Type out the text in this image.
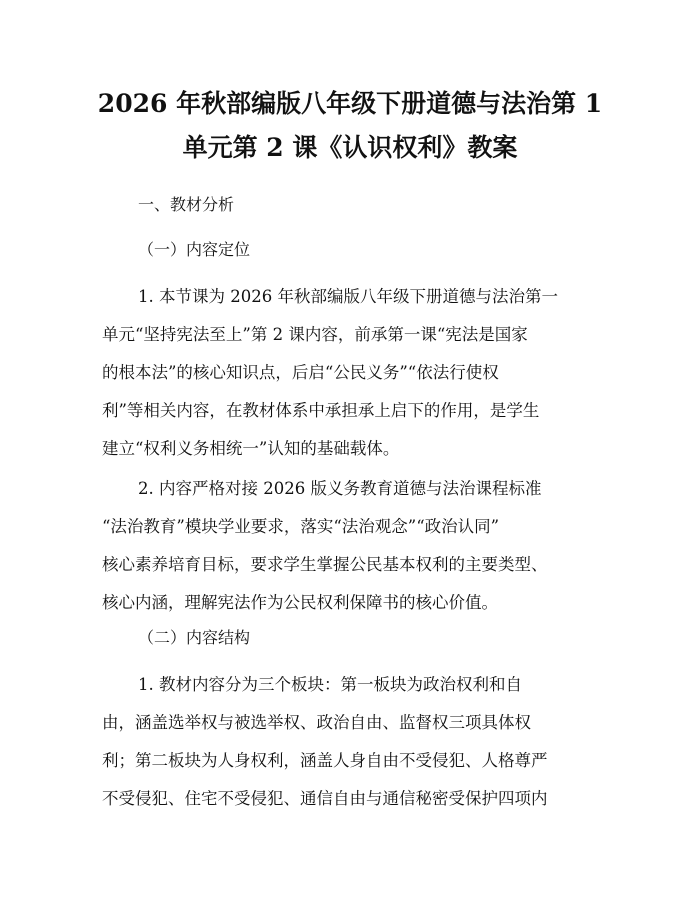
2026 年秋部编版八年级下册道德与法治第 1
单元第 2 课《认识权利》教案
一、教材分析
（一）内容定位
1. 本节课为 2026 年秋部编版八年级下册道德与法治第一
单元“坚持宪法至上”第 2 课内容，前承第一课“宪法是国家
的根本法”的核心知识点，后启“公民义务”“依法行使权
利”等相关内容，在教材体系中承担承上启下的作用，是学生
建立“权利义务相统一”认知的基础载体。
2. 内容严格对接 2026 版义务教育道德与法治课程标准
“法治教育”模块学业要求，落实“法治观念”“政治认同”
核心素养培育目标，要求学生掌握公民基本权利的主要类型、
核心内涵，理解宪法作为公民权利保障书的核心价值。
（二）内容结构
1. 教材内容分为三个板块：第一板块为政治权利和自
由，涵盖选举权与被选举权、政治自由、监督权三项具体权
利；第二板块为人身权利，涵盖人身自由不受侵犯、人格尊严
不受侵犯、住宅不受侵犯、通信自由与通信秘密受保护四项内
